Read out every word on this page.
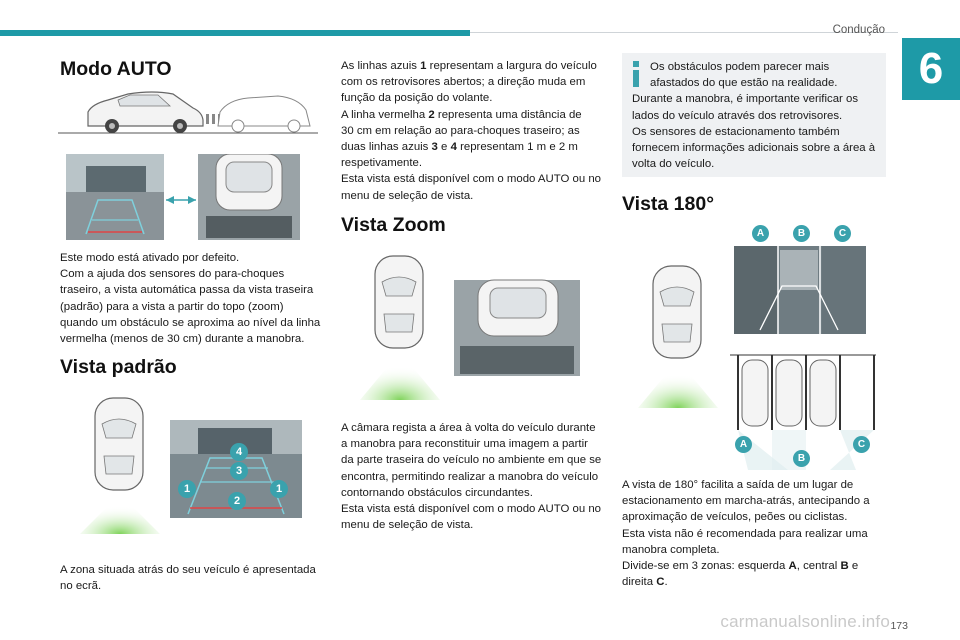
Condução
6
Modo AUTO

Este modo está ativado por defeito.

Com a ajuda dos sensores do para-choques

traseiro, a vista automática passa da vista traseira

(padrão) para a vista a partir do topo (zoom)

quando um obstáculo se aproxima ao nível da linha

vermelha (menos de 30 cm) durante a manobra.

Vista padrão
4
3
1	1
2

A zona situada atrás do seu veículo é apresentada

no ecrã.

As linhas azuis 1 representam a largura do veículo

com os retrovisores abertos; a direção muda em

função da posição do volante.

A linha vermelha 2 representa uma distância de

30 cm em relação ao para-choques traseiro; as

duas linhas azuis 3 e 4 representam 1 m e 2 m

respetivamente.

Esta vista está disponível com o modo AUTO ou no

menu de seleção de vista.

Vista Zoom

A câmara regista a área à volta do veículo durante

a manobra para reconstituir uma imagem a partir

da parte traseira do veículo no ambiente em que se

encontra, permitindo realizar a manobra do veículo

contornando obstáculos circundantes.

Esta vista está disponível com o modo AUTO ou no

menu de seleção de vista.

Os obstáculos podem parecer mais
afastados do que estão na realidade.
Durante a manobra, é importante verificar os
lados do veículo através dos retrovisores.
Os sensores de estacionamento também
fornecem informações adicionais sobre a área à
volta do veículo.
Vista 180°
A	B	C
A
B
C

A vista de 180° facilita a saída de um lugar de

estacionamento em marcha-atrás, antecipando a

aproximação de veículos, peões ou ciclistas.

Esta vista não é recomendada para realizar uma

manobra completa.

Divide-se em 3 zonas: esquerda A, central B e

direita C.

carmanualsonline.info 173
